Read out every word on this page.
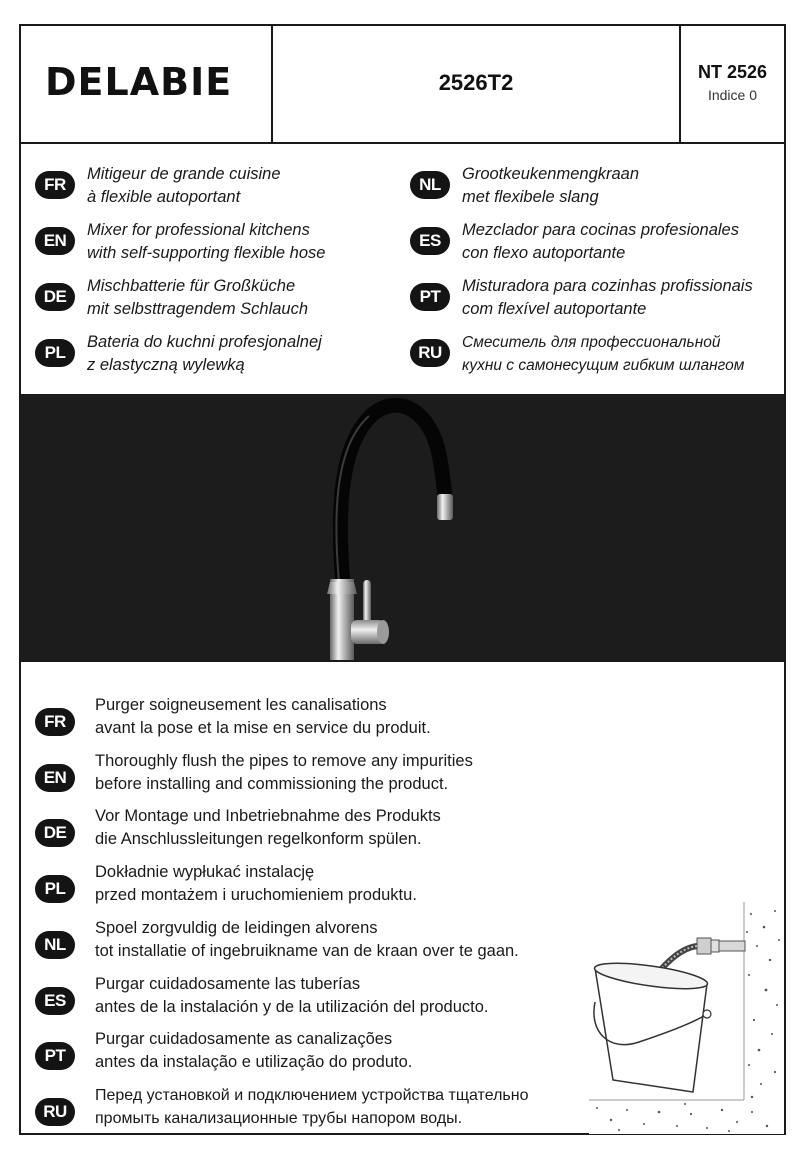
DELABIE	2526T2	NT 2526
Indice 0
FR
Mitigeur de grande cuisine
à flexible autoportant
EN
Mixer for professional kitchens
with self-supporting flexible hose
DE
Mischbatterie für Großküche
mit selbsttragendem Schlauch
PL
Bateria do kuchni profesjonalnej
z elastyczną wylewką
NL
Grootkeukenmengkraan
met flexibele slang
ES
Mezclador para cocinas profesionales
con flexo autoportante
PT
Misturadora para cozinhas profissionais
com flexível autoportante
RU
Смеситель для профессиональной
кухни с самонесущим гибким шлангом
FR
Purger soigneusement les canalisations
avant la pose et la mise en service du produit.
EN
Thoroughly flush the pipes to remove any impurities
before installing and commissioning the product.
DE
Vor Montage und Inbetriebnahme des Produkts
die Anschlussleitungen regelkonform spülen.
PL
Dokładnie wypłukać instalację
przed montażem i uruchomieniem produktu.
NL
Spoel zorgvuldig de leidingen alvorens
tot installatie of ingebruikname van de kraan over te gaan.
ES
Purgar cuidadosamente las tuberías
antes de la instalación y de la utilización del producto.
PT
Purgar cuidadosamente as canalizações
antes da instalação e utilização do produto.
RU
Перед установкой и подключением устройства тщательно
промыть канализационные трубы напором воды.
